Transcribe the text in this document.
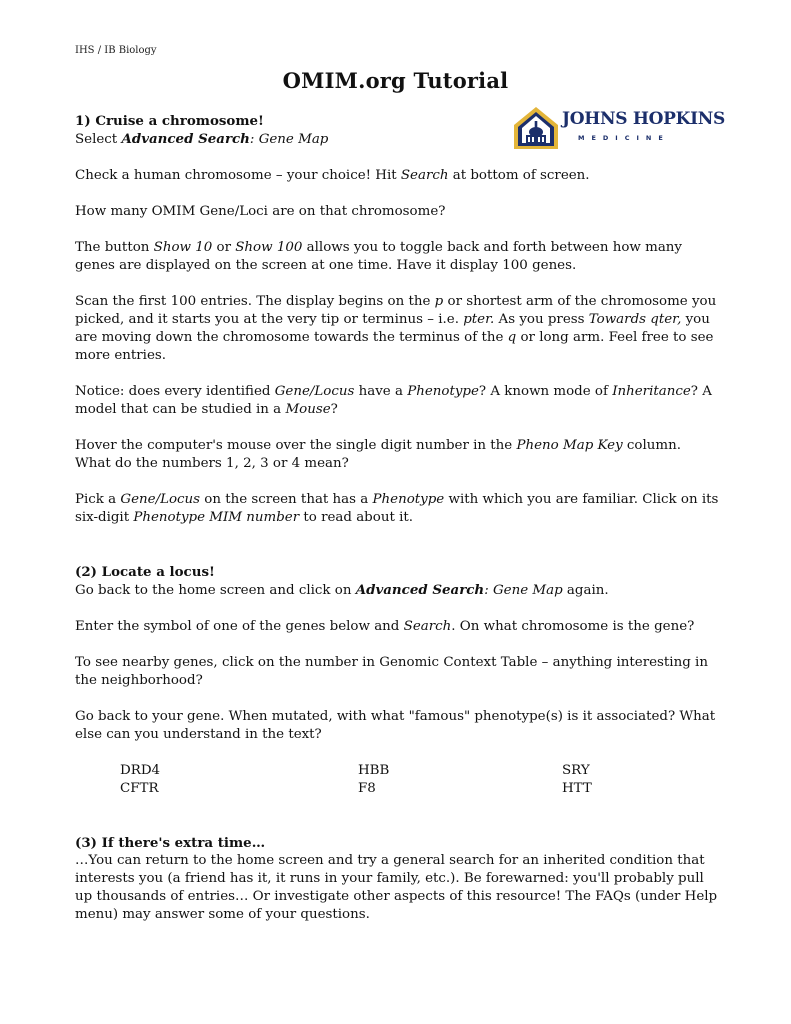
IHS / IB Biology
OMIM.org Tutorial
JOHNS HOPKINS
MEDICINE

1) Cruise a chromosome!

Select Advanced Search: Gene Map

Check a human chromosome – your choice! Hit Search at bottom of screen.

How many OMIM Gene/Loci are on that chromosome?

The button Show 10 or Show 100 allows you to toggle back and forth between how many genes are displayed on the screen at one time. Have it display 100 genes.

Scan the first 100 entries. The display begins on the p or shortest arm of the chromosome you picked, and it starts you at the very tip or terminus – i.e. pter. As you press Towards qter, you are moving down the chromosome towards the terminus of the q or long arm. Feel free to see more entries.

Notice: does every identified Gene/Locus have a Phenotype? A known mode of Inheritance? A model that can be studied in a Mouse?

Hover the computer's mouse over the single digit number in the Pheno Map Key column. What do the numbers 1, 2, 3 or 4 mean?

Pick a Gene/Locus on the screen that has a Phenotype with which you are familiar. Click on its six-digit Phenotype MIM number to read about it.

(2) Locate a locus!

Go back to the home screen and click on Advanced Search: Gene Map again.

Enter the symbol of one of the genes below and Search. On what chromosome is the gene?

To see nearby genes, click on the number in Genomic Context Table – anything interesting in the neighborhood?

Go back to your gene. When mutated, with what "famous" phenotype(s) is it associated? What else can you understand in the text?

DRD4	HBB	SRY
CFTR	F8	HTT

(3) If there's extra time…

…You can return to the home screen and try a general search for an inherited condition that interests you (a friend has it, it runs in your family, etc.). Be forewarned: you'll probably pull up thousands of entries… Or investigate other aspects of this resource! The FAQs (under Help menu) may answer some of your questions.
